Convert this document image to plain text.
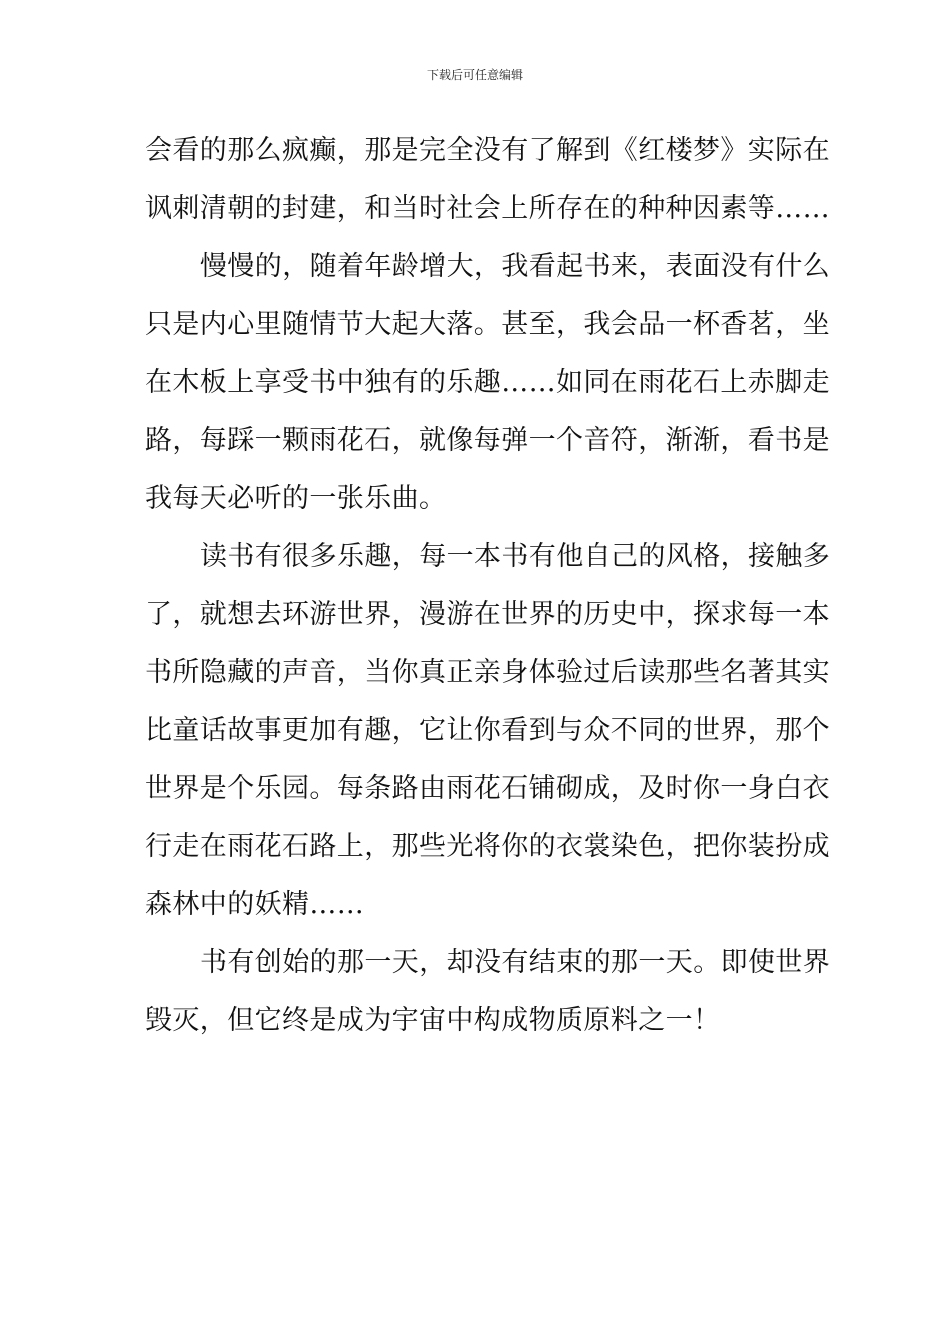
下载后可任意编辑
会看的那么疯癫，那是完全没有了解到《红楼梦》实际在
讽刺清朝的封建，和当时社会上所存在的种种因素等……
慢慢的，随着年龄增大，我看起书来，表面没有什么
只是内心里随情节大起大落。甚至，我会品一杯香茗，坐
在木板上享受书中独有的乐趣……如同在雨花石上赤脚走
路，每踩一颗雨花石，就像每弹一个音符，渐渐，看书是
我每天必听的一张乐曲。
读书有很多乐趣，每一本书有他自己的风格，接触多
了，就想去环游世界，漫游在世界的历史中，探求每一本
书所隐藏的声音，当你真正亲身体验过后读那些名著其实
比童话故事更加有趣，它让你看到与众不同的世界，那个
世界是个乐园。每条路由雨花石铺砌成，及时你一身白衣
行走在雨花石路上，那些光将你的衣裳染色，把你装扮成
森林中的妖精……
书有创始的那一天，却没有结束的那一天。即使世界
毁灭，但它终是成为宇宙中构成物质原料之一！
